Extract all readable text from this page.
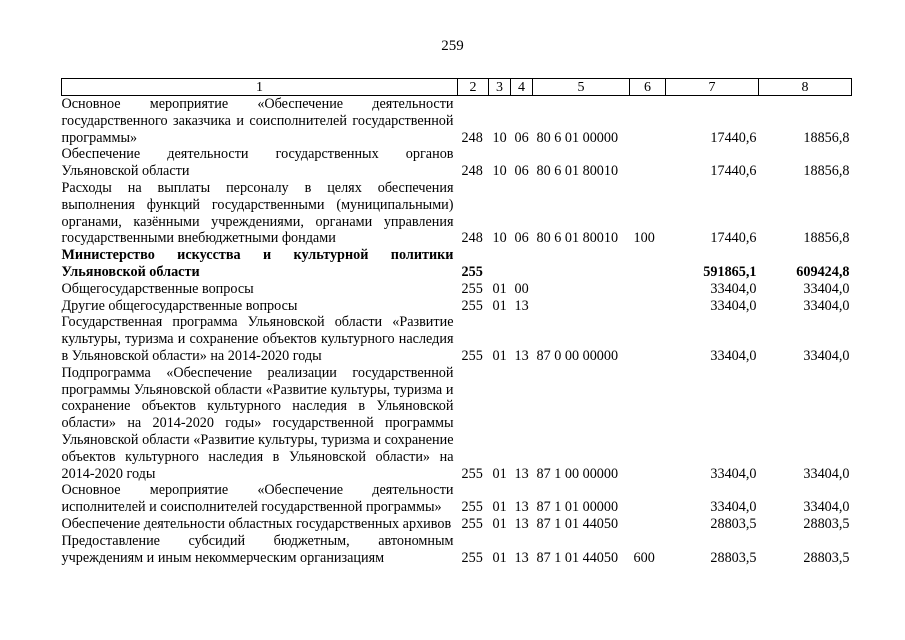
259
1	2	3	4	5	6	7	8
Основное мероприятие «Обеспечение деятельности государственного заказчика и соисполнителей государственной программы»	248	10	06	80 6 01 00000		17440,6	18856,8
Обеспечение деятельности государственных органов Ульяновской области	248	10	06	80 6 01 80010		17440,6	18856,8
Расходы на выплаты персоналу в целях обеспечения выполнения функций государственными (муниципальными) органами, казёнными учреждениями, органами управления государственными внебюджетными фондами	248	10	06	80 6 01 80010	100	17440,6	18856,8
Министерство искусства и культурной политики Ульяновской области	255					591865,1	609424,8
Общегосударственные вопросы	255	01	00			33404,0	33404,0
Другие общегосударственные вопросы	255	01	13			33404,0	33404,0
Государственная программа Ульяновской области «Развитие культуры, туризма и сохранение объектов культурного наследия в Ульяновской области» на 2014-2020 годы	255	01	13	87 0 00 00000		33404,0	33404,0
Подпрограмма «Обеспечение реализации государственной программы Ульяновской области «Развитие культуры, туризма и сохранение объектов культурного наследия в Ульяновской области» на 2014-2020 годы» государственной программы Ульяновской области «Развитие культуры, туризма и сохранение объектов культурного наследия в Ульяновской области» на 2014-2020 годы	255	01	13	87 1 00 00000		33404,0	33404,0
Основное мероприятие «Обеспечение деятельности исполнителей и соисполнителей государственной программы»	255	01	13	87 1 01 00000		33404,0	33404,0
Обеспечение деятельности областных государственных архивов	255	01	13	87 1 01 44050		28803,5	28803,5
Предоставление субсидий бюджетным, автономным учреждениям и иным некоммерческим организациям	255	01	13	87 1 01 44050	600	28803,5	28803,5
